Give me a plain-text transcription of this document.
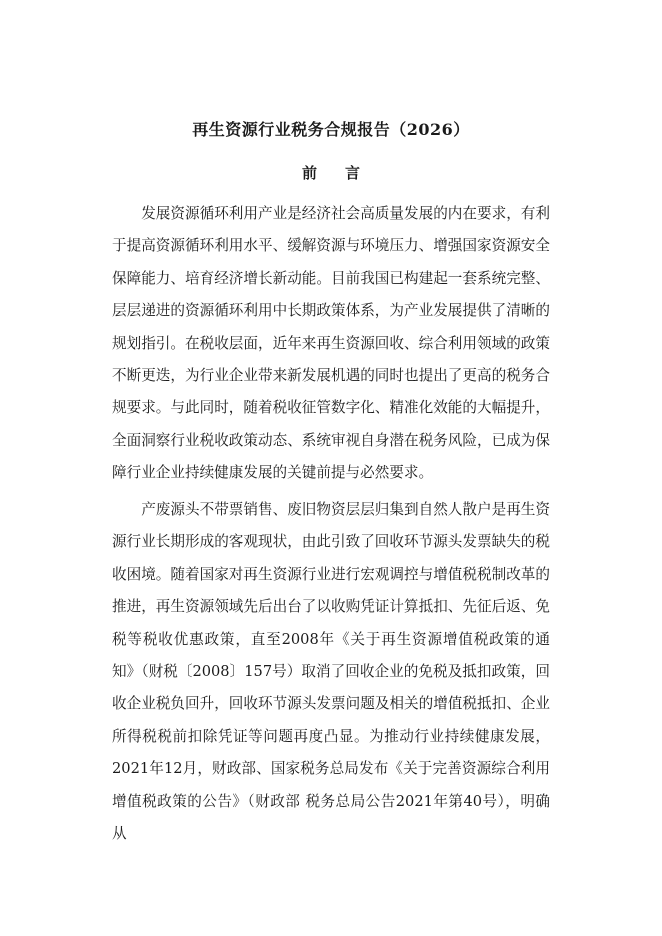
再生资源行业税务合规报告（2026）
前言

发展资源循环利用产业是经济社会高质量发展的内在要求，有利于提高资源循环利用水平、缓解资源与环境压力、增强国家资源安全保障能力、培育经济增长新动能。目前我国已构建起一套系统完整、层层递进的资源循环利用中长期政策体系，为产业发展提供了清晰的规划指引。在税收层面，近年来再生资源回收、综合利用领域的政策不断更迭，为行业企业带来新发展机遇的同时也提出了更高的税务合规要求。与此同时，随着税收征管数字化、精准化效能的大幅提升，全面洞察行业税收政策动态、系统审视自身潜在税务风险，已成为保障行业企业持续健康发展的关键前提与必然要求。

产废源头不带票销售、废旧物资层层归集到自然人散户是再生资源行业长期形成的客观现状，由此引致了回收环节源头发票缺失的税收困境。随着国家对再生资源行业进行宏观调控与增值税税制改革的推进，再生资源领域先后出台了以收购凭证计算抵扣、先征后返、免税等税收优惠政策，直至2008年《关于再生资源增值税政策的通知》（财税〔2008〕157号）取消了回收企业的免税及抵扣政策，回收企业税负回升，回收环节源头发票问题及相关的增值税抵扣、企业所得税税前扣除凭证等问题再度凸显。为推动行业持续健康发展，2021年12月，财政部、国家税务总局发布《关于完善资源综合利用增值税政策的公告》（财政部 税务总局公告2021年第40号），明确从
